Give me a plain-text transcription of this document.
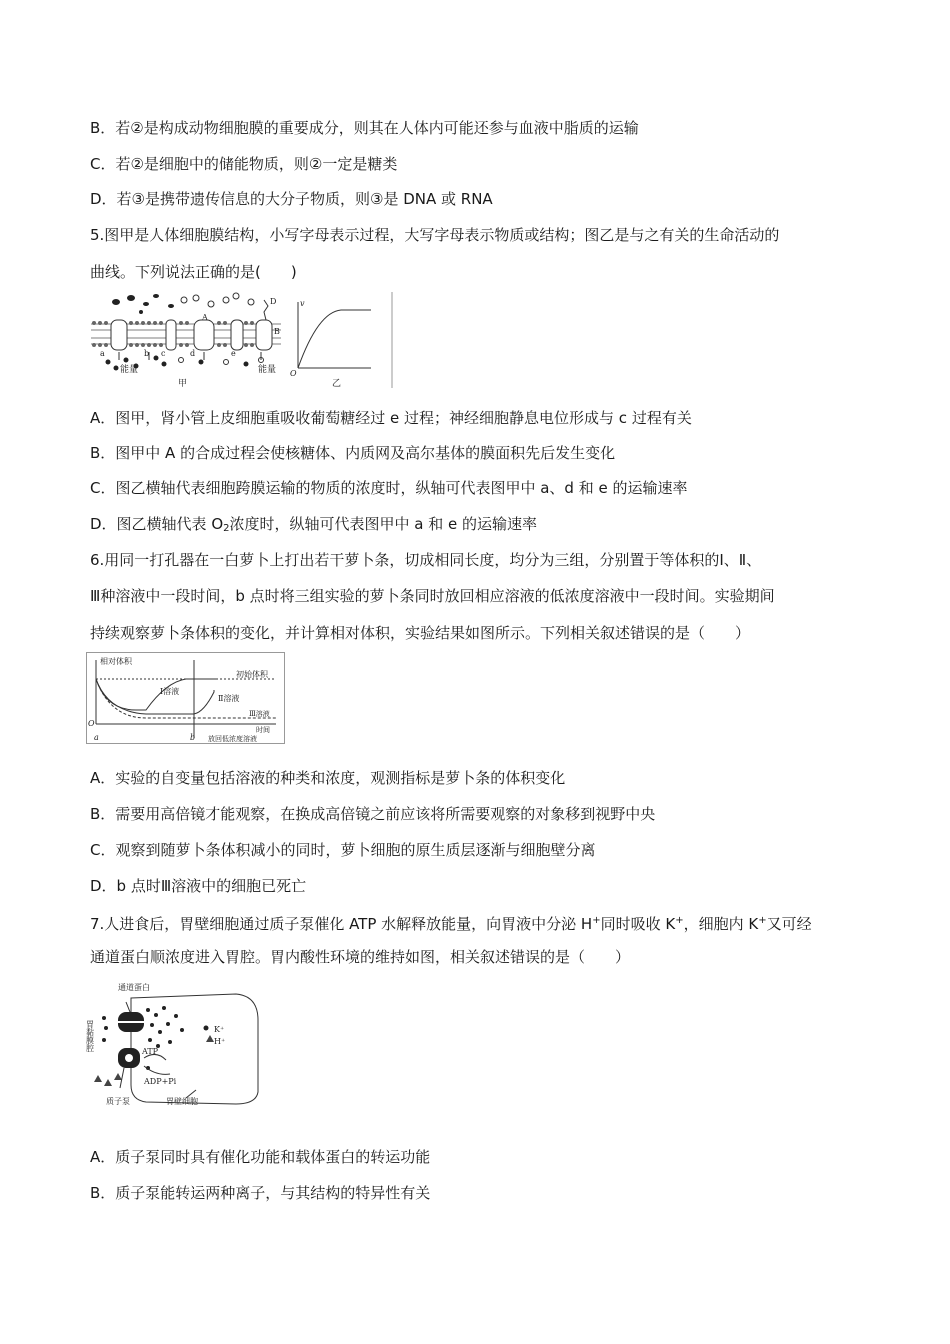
B．若②是构成动物细胞膜的重要成分，则其在人体内可能还参与血液中脂质的运输
C．若②是细胞中的储能物质，则②一定是糖类
D．若③是携带遗传信息的大分子物质，则③是 DNA 或 RNA
5.图甲是人体细胞膜结构，小写字母表示过程，大写字母表示物质或结构；图乙是与之有关的生命活动的
曲线。下列说法正确的是(　　)
a	b c	d	e
A
B
D
能量	能量
甲
v
O
乙
A．图甲，肾小管上皮细胞重吸收葡萄糖经过 e 过程；神经细胞静息电位形成与 c 过程有关
B．图甲中 A 的合成过程会使核糖体、内质网及高尔基体的膜面积先后发生变化
C．图乙横轴代表细胞跨膜运输的物质的浓度时，纵轴可代表图甲中 a、d 和 e 的运输速率
D．图乙横轴代表 $O_2$浓度时，纵轴可代表图甲中 a 和 e 的运输速率
6.用同一打孔器在一白萝卜上打出若干萝卜条，切成相同长度，均分为三组，分别置于等体积的Ⅰ、Ⅱ、
Ⅲ种溶液中一段时间，b 点时将三组实验的萝卜条同时放回相应溶液的低浓度溶液中一段时间。实验期间
持续观察萝卜条体积的变化，并计算相对体积，实验结果如图所示。下列相关叙述错误的是（　　）
相对体积
初始体积
Ⅰ溶液
Ⅱ溶液
Ⅲ溶液
时间
放回低浓度溶液
O
a	b
A．实验的自变量包括溶液的种类和浓度，观测指标是萝卜条的体积变化
B．需要用高倍镜才能观察，在换成高倍镜之前应该将所需要观察的对象移到视野中央
C．观察到随萝卜条体积减小的同时，萝卜细胞的原生质层逐渐与细胞壁分离
D．b 点时Ⅲ溶液中的细胞已死亡
7.人进食后，胃壁细胞通过质子泵催化 ATP 水解释放能量，向胃液中分泌 H+同时吸收 K+，细胞内 K+又可经
通道蛋白顺浓度进入胃腔。胃内酸性环境的维持如图，相关叙述错误的是（　　）
通道蛋白
胃黏膜腔	ATP
ADP+Pi
K⁺
H⁺
质子泵	胃壁细胞
A．质子泵同时具有催化功能和载体蛋白的转运功能
B．质子泵能转运两种离子，与其结构的特异性有关
